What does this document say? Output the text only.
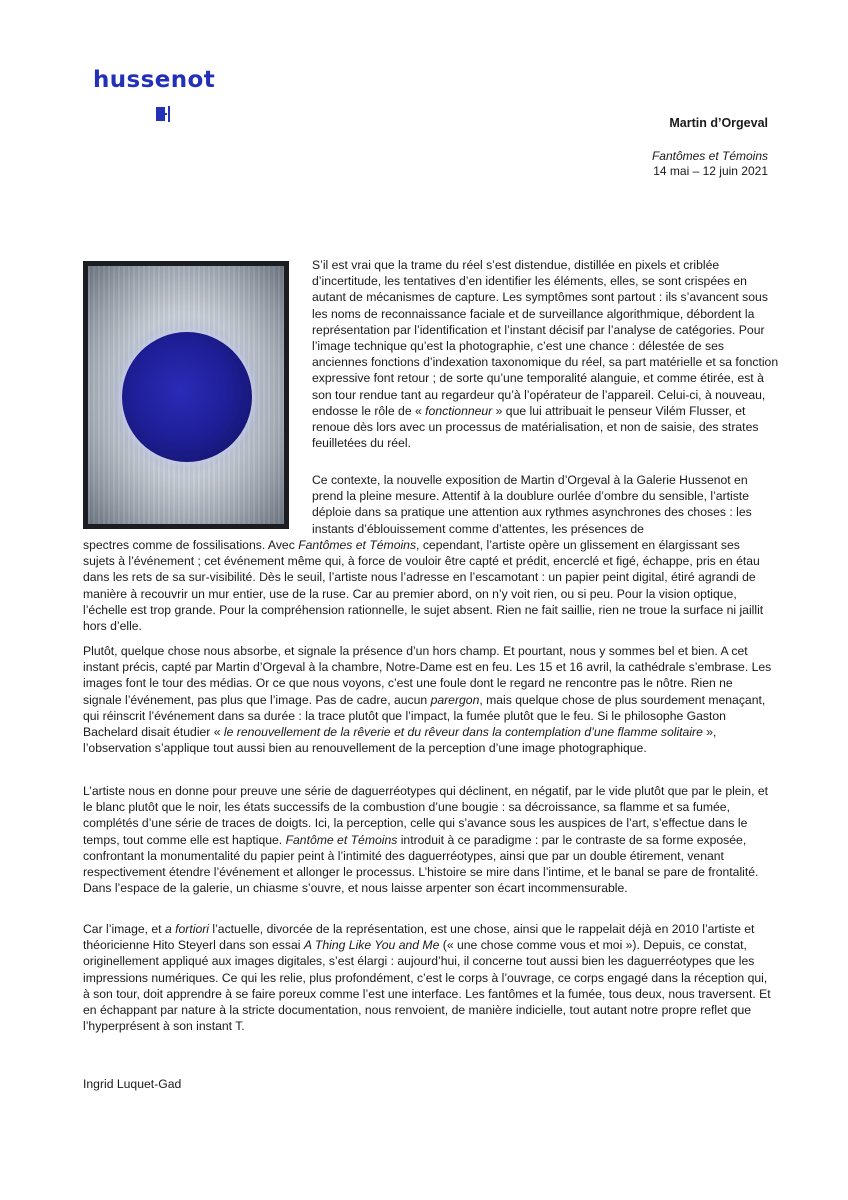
hussenot
Martin d’Orgeval
Fantômes et Témoins
14 mai – 12 juin 2021

S’il est vrai que la trame du réel s’est distendue, distillée en pixels et criblée d’incertitude, les tentatives d’en identifier les éléments, elles, se sont crispées en autant de mécanismes de capture. Les symptômes sont partout : ils s’avancent sous les noms de reconnaissance faciale et de surveillance algorithmique, débordent la représentation par l’identification et l’instant décisif par l’analyse de catégories. Pour l’image technique qu’est la photographie, c’est une chance : délestée de ses anciennes fonctions d’indexation taxonomique du réel, sa part matérielle et sa fonction expressive font retour ; de sorte qu’une temporalité alanguie, et comme étirée, est à son tour rendue tant au regardeur qu’à l’opérateur de l’appareil. Celui-ci, à nouveau, endosse le rôle de « fonctionneur » que lui attribuait le penseur Vilém Flusser, et renoue dès lors avec un processus de matérialisation, et non de saisie, des strates feuilletées du réel.

Ce contexte, la nouvelle exposition de Martin d’Orgeval à la Galerie Hussenot en prend la pleine mesure. Attentif à la doublure ourlée d’ombre du sensible, l’artiste déploie dans sa pratique une attention aux rythmes asynchrones des choses : les instants d’éblouissement comme d’attentes, les présences de

spectres comme de fossilisations. Avec Fantômes et Témoins, cependant, l’artiste opère un glissement en élargissant ses sujets à l’événement ; cet événement même qui, à force de vouloir être capté et prédit, encerclé et figé, échappe, pris en étau dans les rets de sa sur-visibilité. Dès le seuil, l’artiste nous l’adresse en l’escamotant : un papier peint digital, étiré agrandi de manière à recouvrir un mur entier, use de la ruse. Car au premier abord, on n’y voit rien, ou si peu. Pour la vision optique, l’échelle est trop grande. Pour la compréhension rationnelle, le sujet absent. Rien ne fait saillie, rien ne troue la surface ni jaillit hors d’elle.

Plutôt, quelque chose nous absorbe, et signale la présence d’un hors champ. Et pourtant, nous y sommes bel et bien. A cet instant précis, capté par Martin d’Orgeval à la chambre, Notre-Dame est en feu. Les 15 et 16 avril, la cathédrale s’embrase. Les images font le tour des médias. Or ce que nous voyons, c’est une foule dont le regard ne rencontre pas le nôtre. Rien ne signale l’événement, pas plus que l’image. Pas de cadre, aucun parergon, mais quelque chose de plus sourdement menaçant, qui réinscrit l’événement dans sa durée : la trace plutôt que l’impact, la fumée plutôt que le feu. Si le philosophe Gaston Bachelard disait étudier « le renouvellement de la rêverie et du rêveur dans la contemplation d’une flamme solitaire », l’observation s’applique tout aussi bien au renouvellement de la perception d’une image photographique.

L’artiste nous en donne pour preuve une série de daguerréotypes qui déclinent, en négatif, par le vide plutôt que par le plein, et le blanc plutôt que le noir, les états successifs de la combustion d’une bougie : sa décroissance, sa flamme et sa fumée, complétés d’une série de traces de doigts. Ici, la perception, celle qui s’avance sous les auspices de l’art, s’effectue dans le temps, tout comme elle est haptique. Fantôme et Témoins introduit à ce paradigme : par le contraste de sa forme exposée, confrontant la monumentalité du papier peint à l’intimité des daguerréotypes, ainsi que par un double étirement, venant respectivement étendre l’événement et allonger le processus. L’histoire se mire dans l’intime, et le banal se pare de frontalité. Dans l’espace de la galerie, un chiasme s’ouvre, et nous laisse arpenter son écart incommensurable.

Car l’image, et a fortiori l’actuelle, divorcée de la représentation, est une chose, ainsi que le rappelait déjà en 2010 l’artiste et théoricienne Hito Steyerl dans son essai A Thing Like You and Me (« une chose comme vous et moi »). Depuis, ce constat, originellement appliqué aux images digitales, s’est élargi : aujourd’hui, il concerne tout aussi bien les daguerréotypes que les impressions numériques. Ce qui les relie, plus profondément, c’est le corps à l’ouvrage, ce corps engagé dans la réception qui, à son tour, doit apprendre à se faire poreux comme l’est une interface. Les fantômes et la fumée, tous deux, nous traversent. Et en échappant par nature à la stricte documentation, nous renvoient, de manière indicielle, tout autant notre propre reflet que l’hyperprésent à son instant T.

Ingrid Luquet-Gad
